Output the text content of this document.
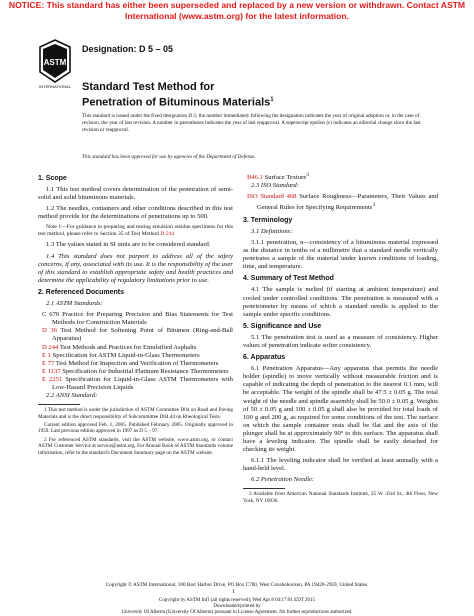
NOTICE: This standard has either been superseded and replaced by a new version or withdrawn. Contact ASTM
International (www.astm.org) for the latest information.
ASTM
INTERNATIONAL
Designation: D 5 – 05
Standard Test Method for
Penetration of Bituminous Materials$^1$
This standard is issued under the fixed designation D 5; the number immediately following the designation indicates the year of original adoption or, in the case of revision, the year of last revision. A number in parentheses indicates the year of last reapproval. A superscript epsilon (ε) indicates an editorial change since the last revision or reapproval.
This standard has been approved for use by agencies of the Department of Defense.
1. Scope

1.1 This test method covers determination of the penetration of semi-solid and solid bituminous materials.

1.2 The needles, containers and other conditions described in this test method provide for the determinations of penetrations up to 500.

Note 1—For guidance in preparing and testing emulsion residue specimens for this test method, please refer to Section 35 of Test Method D 244

1.3 The values stated in SI units are to be considered standard.

1.4 This standard does not purport to address all of the safety concerns, if any, associated with its use. It is the responsibility of the user of this standard to establish appropriate safety and health practices and determine the applicability of regulatory limitations prior to use.

2. Referenced Documents

2.1 ASTM Standards:

C 670 Practice for Preparing Precision and Bias Statements for Test Methods for Construction Materials

D 36 Test Method for Softening Point of Bitumen (Ring-and-Ball Apparatus)

D 244 Test Methods and Practices for Emulsified Asphalts

E 1 Specification for ASTM Liquid-in-Glass Thermometers

E 77 Test Method for Inspection and Verification of Thermometers

E 1137 Specification for Industrial Platinum Resistance Thermometers

E 2251 Specification for Liquid-in-Glass ASTM Thermometers with Low-Hazard Precision Liquids

2.2 ANSI Standard:

1 This test method is under the jurisdiction of ASTM Committee D04 on Road and Paving Materials and is the direct responsibility of Subcommittee D04.44 on Rheological Tests.

Current edition approved Feb. 1, 2005. Published February 2005. Originally approved in 1959. Last previous edition approved in 1997 as D 5 – 97.

2 For referenced ASTM standards, visit the ASTM website, www.astm.org, or contact ASTM Customer Service at service@astm.org. For Annual Book of ASTM Standards volume information, refer to the standard's Document Summary page on the ASTM website.

B46.1 Surface Texture$^3$

2.3 ISO Standard:

ISO Standard 468 Surface Roughness—Parameters, Their Values and General Rules for Specifying Requirements$^3$

3. Terminology

3.1 Definitions:

3.1.1 penetration, n—consistency of a bituminous material expressed as the distance in tenths of a millimetre that a standard needle vertically penetrates a sample of the material under known conditions of loading, time, and temperature.

4. Summary of Test Method

4.1 The sample is melted (if starting at ambient temperature) and cooled under controlled conditions. The penetration is measured with a penetrometer by means of which a standard needle is applied to the sample under specific conditions.

5. Significance and Use

5.1 The penetration test is used as a measure of consistency. Higher values of penetration indicate softer consistency.

6. Apparatus

6.1 Penetration Apparatus—Any apparatus that permits the needle holder (spindle) to move vertically without measurable friction and is capable of indicating the depth of penetration to the nearest 0.1 mm, will be acceptable. The weight of the spindle shall be 47.5 ± 0.05 g. The total weight of the needle and spindle assembly shall be 50.0 ± 0.05 g. Weights of 50 ± 0.05 g and 100 ± 0.05 g shall also be provided for total loads of 100 g and 200 g, as required for some conditions of the test. The surface on which the sample container rests shall be flat and the axis of the plunger shall be at approximately 90° to this surface. The apparatus shall have a leveling indicator. The spindle shall be easily detached for checking its weight.

6.1.1 The leveling indicator shall be verified at least annually with a hand-held level.

6.2 Penetration Needle:

3 Available from American National Standards Institute, 25 W. 43rd St., 4th Floor, New York, NY 10036.

Copyright © ASTM International, 100 Barr Harbor Drive, PO Box C700, West Conshohocken, PA 19428-2959, United States.
1
Copyright by ASTM Int'l (all rights reserved); Wed Apr 8 04:17:01 EDT 2015
Downloaded/printed by
University Of Alberta (University Of Alberta) pursuant to License Agreement. No further reproductions authorized.
